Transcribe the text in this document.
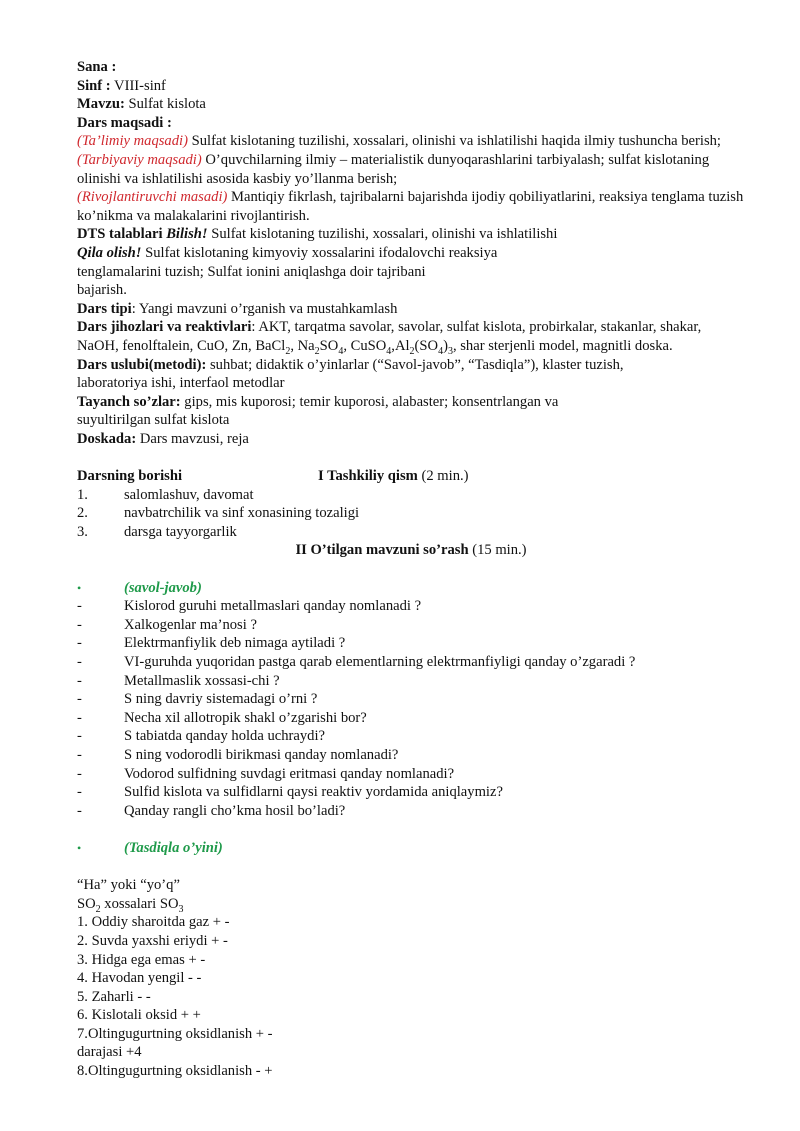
Sana :
Sinf : VIII-sinf
Mavzu: Sulfat kislota
Dars maqsadi :
(Ta’limiy maqsadi) Sulfat kislotaning tuzilishi, xossalari, olinishi va ishlatilishi haqida ilmiy tushuncha berish;
(Tarbiyaviy maqsadi) O’quvchilarning ilmiy – materialistik dunyoqarashlarini tarbiyalash; sulfat kislotaning olinishi va ishlatilishi asosida kasbiy yo’llanma berish;
(Rivojlantiruvchi masadi) Mantiqiy fikrlash, tajribalarni bajarishda ijodiy qobiliyatlarini, reaksiya tenglama tuzish ko’nikma va malakalarini rivojlantirish.
DTS talablari Bilish! Sulfat kislotaning tuzilishi, xossalari, olinishi va ishlatilishi
Qila olish! Sulfat kislotaning kimyoviy xossalarini ifodalovchi reaksiya
tenglamalarini tuzish; Sulfat ionini aniqlashga doir tajribani
bajarish.
Dars tipi: Yangi mavzuni o’rganish va mustahkamlash
Dars jihozlari va reaktivlari: AKT, tarqatma savolar, savolar, sulfat kislota, probirkalar, stakanlar, shakar,
NaOH, fenolftalein, CuO, Zn, BaCl$_2$, $Na_2SO_4$, $CuSO_4,Al_2(SO_4)_3$, shar sterjenli model, magnitli doska.
Dars uslubi(metodi): suhbat; didaktik o’yinlarlar (“Savol-javob”, “Tasdiqla”), klaster tuzish,
laboratoriya ishi, interfaol metodlar
Tayanch so’zlar: gips, mis kuporosi; temir kuporosi, alabaster; konsentrlangan va
suyultirilgan sulfat kislota
Doskada: Dars mavzusi, reja
Darsning borishi	I Tashkiliy qism (2 min.)
1.	salomlashuv, davomat
2.	navbatrchilik va sinf xonasining tozaligi
3.	darsga tayyorgarlik
II O’tilgan mavzuni so’rash (15 min.)
•	(savol-javob)
-	Kislorod guruhi metallmaslari qanday nomlanadi ?
-	Xalkogenlar ma’nosi ?
-	Elektrmanfiylik deb nimaga aytiladi ?
-	VI-guruhda yuqoridan pastga qarab elementlarning elektrmanfiyligi qanday o’zgaradi ?
-	Metallmaslik xossasi-chi ?
-	S ning davriy sistemadagi o’rni ?
-	Necha xil allotropik shakl o’zgarishi bor?
-	S tabiatda qanday holda uchraydi?
-	S ning vodorodli birikmasi qanday nomlanadi?
-	Vodorod sulfidning suvdagi eritmasi qanday nomlanadi?
-	Sulfid kislota va sulfidlarni qaysi reaktiv yordamida aniqlaymiz?
-	Qanday rangli cho’kma hosil bo’ladi?
•	(Tasdiqla o’yini)
“Ha” yoki “yo’q”
$SO_2$ xossalari $SO_3$
1. Oddiy sharoitda gaz + -
2. Suvda yaxshi eriydi + -
3. Hidga ega emas + -
4. Havodan yengil - -
5. Zaharli - -
6. Kislotali oksid + +
7.Oltingugurtning oksidlanish + -
darajasi +4
8.Oltingugurtning oksidlanish - +
